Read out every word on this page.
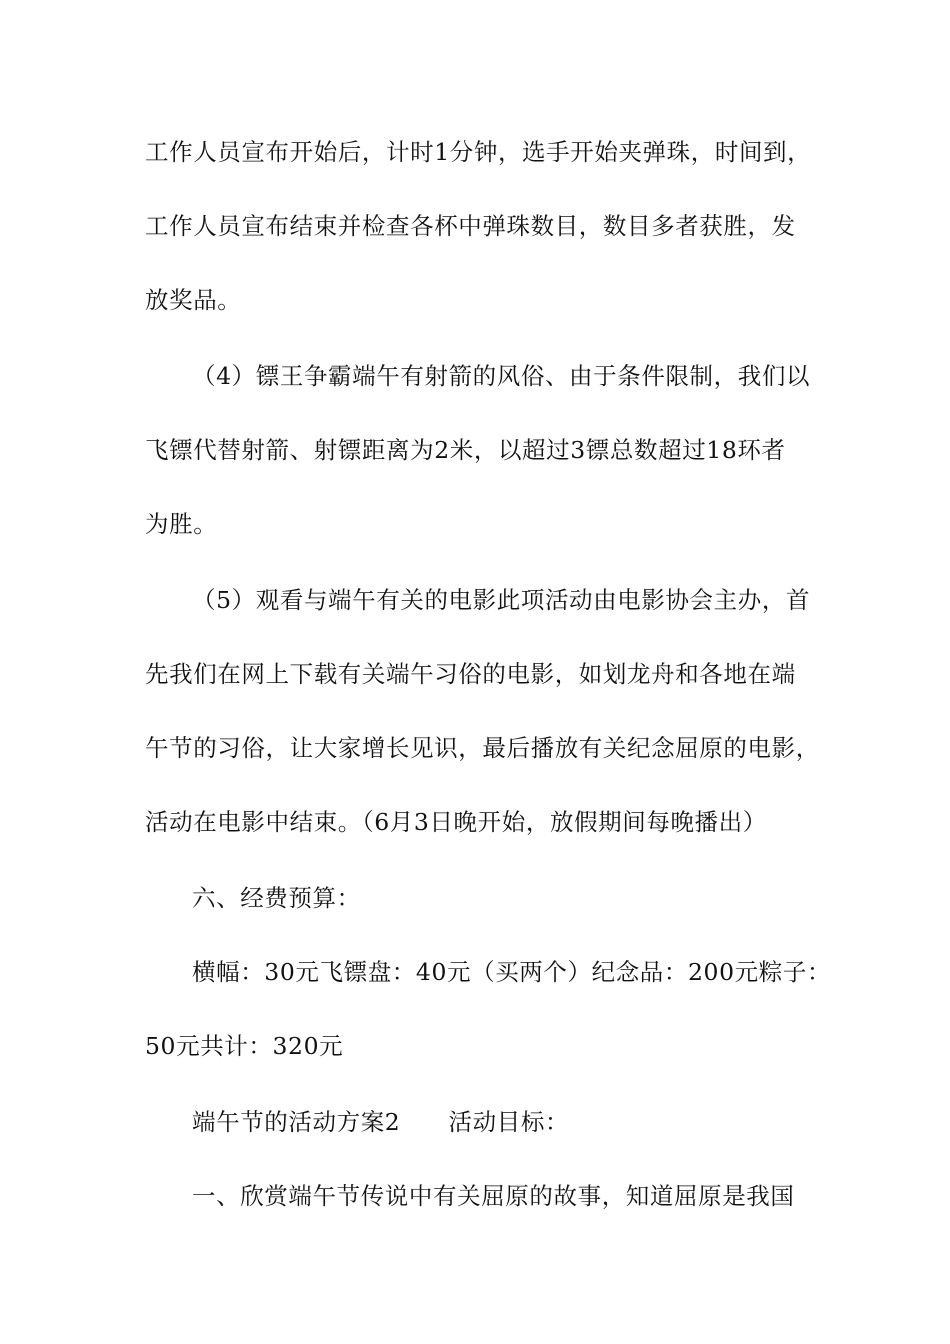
工作人员宣布开始后，计时1分钟，选手开始夹弹珠，时间到，
工作人员宣布结束并检查各杯中弹珠数目，数目多者获胜，发
放奖品。
（4）镖王争霸端午有射箭的风俗、由于条件限制，我们以
飞镖代替射箭、射镖距离为2米，以超过3镖总数超过18环者
为胜。
（5）观看与端午有关的电影此项活动由电影协会主办，首
先我们在网上下载有关端午习俗的电影，如划龙舟和各地在端
午节的习俗，让大家增长见识，最后播放有关纪念屈原的电影，
活动在电影中结束。（6月3日晚开始，放假期间每晚播出）
六、经费预算：
横幅：30元飞镖盘：40元（买两个）纪念品：200元粽子：
50元共计：320元
端午节的活动方案2　　活动目标：
一、欣赏端午节传说中有关屈原的故事，知道屈原是我国
